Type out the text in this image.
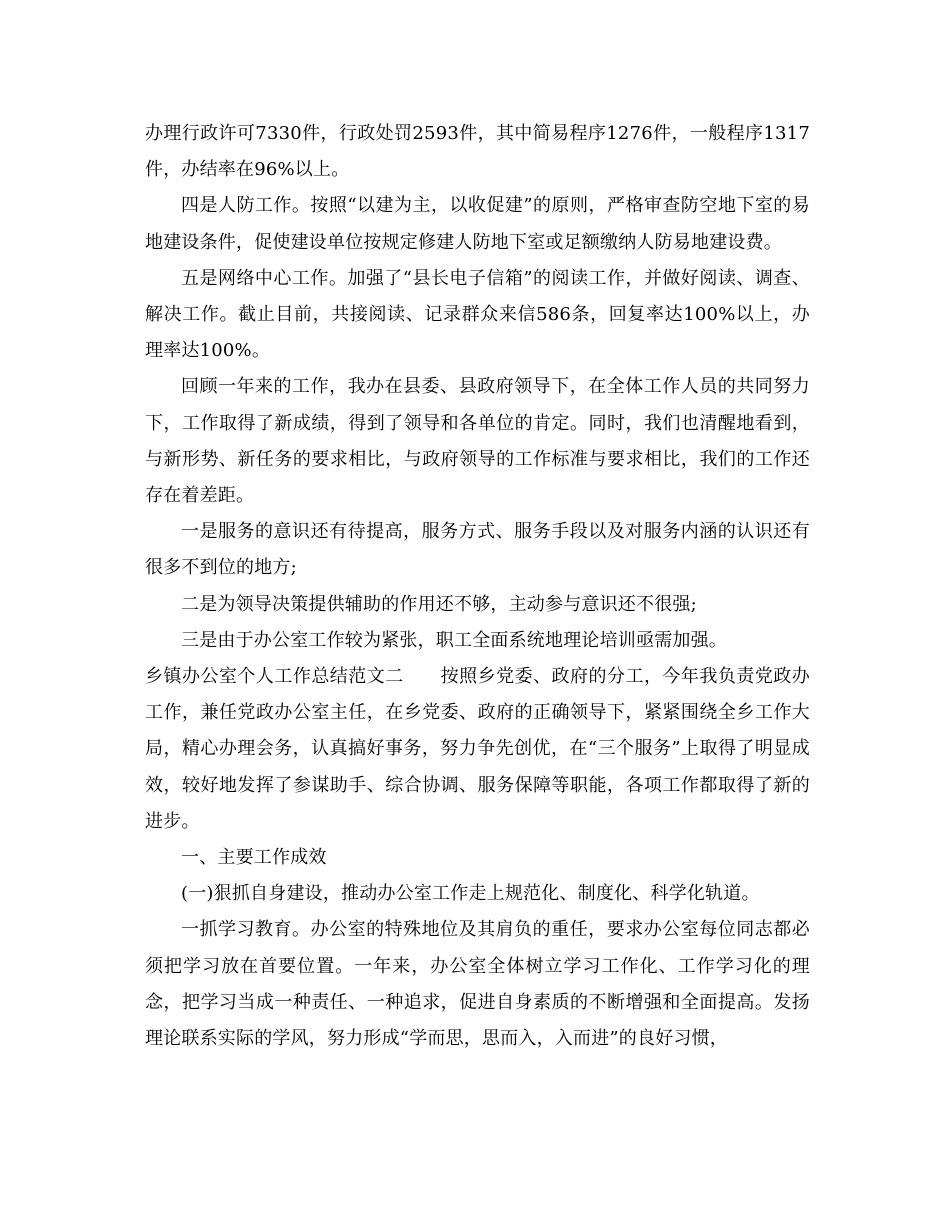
办理行政许可7330件，行政处罚2593件，其中简易程序1276件，一般程序1317件，办结率在96%以上。

四是人防工作。按照“以建为主，以收促建”的原则，严格审查防空地下室的易地建设条件，促使建设单位按规定修建人防地下室或足额缴纳人防易地建设费。

五是网络中心工作。加强了“县长电子信箱”的阅读工作，并做好阅读、调查、解决工作。截止目前，共接阅读、记录群众来信586条，回复率达100%以上，办理率达100%。

回顾一年来的工作，我办在县委、县政府领导下，在全体工作人员的共同努力下，工作取得了新成绩，得到了领导和各单位的肯定。同时，我们也清醒地看到，与新形势、新任务的要求相比，与政府领导的工作标准与要求相比，我们的工作还存在着差距。

一是服务的意识还有待提高，服务方式、服务手段以及对服务内涵的认识还有很多不到位的地方;

二是为领导决策提供辅助的作用还不够，主动参与意识还不很强;

三是由于办公室工作较为紧张，职工全面系统地理论培训亟需加强。

乡镇办公室个人工作总结范文二　　按照乡党委、政府的分工，今年我负责党政办工作，兼任党政办公室主任，在乡党委、政府的正确领导下，紧紧围绕全乡工作大局，精心办理会务，认真搞好事务，努力争先创优，在“三个服务”上取得了明显成效，较好地发挥了参谋助手、综合协调、服务保障等职能，各项工作都取得了新的进步。

一、主要工作成效

(一)狠抓自身建设，推动办公室工作走上规范化、制度化、科学化轨道。

一抓学习教育。办公室的特殊地位及其肩负的重任，要求办公室每位同志都必须把学习放在首要位置。一年来，办公室全体树立学习工作化、工作学习化的理念，把学习当成一种责任、一种追求，促进自身素质的不断增强和全面提高。发扬理论联系实际的学风，努力形成“学而思，思而入，入而进”的良好习惯，
